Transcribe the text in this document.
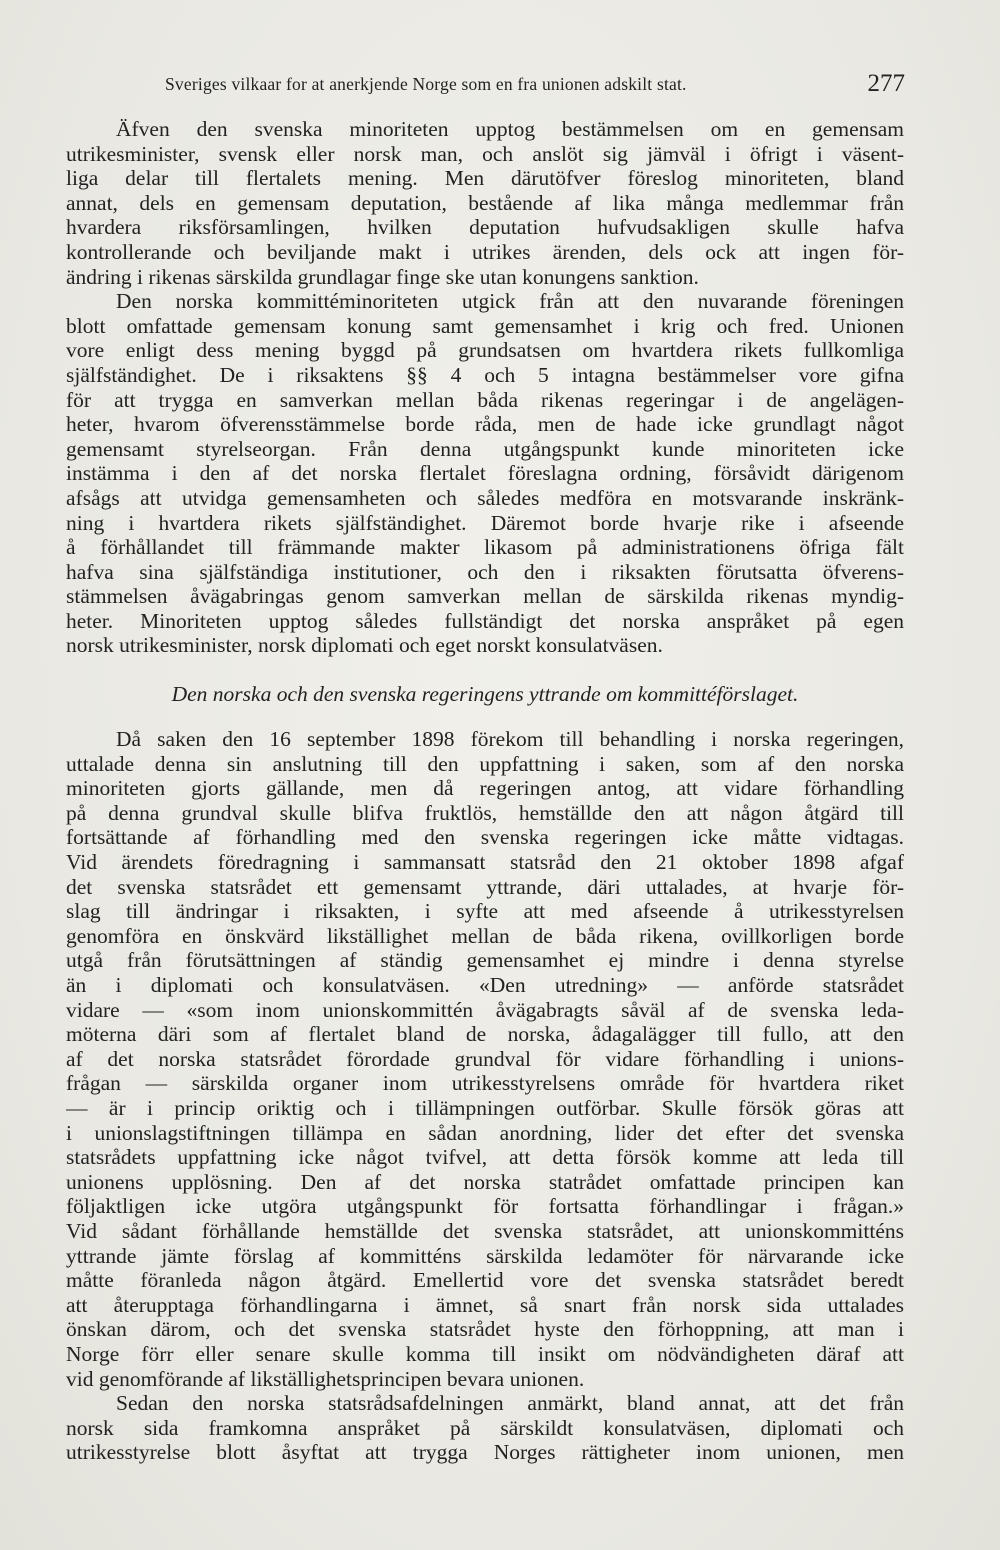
Sveriges vilkaar for at anerkjende Norge som en fra unionen adskilt stat.	277
Äfven den svenska minoriteten upptog bestämmelsen om en gemensam
utrikesminister, svensk eller norsk man, och anslöt sig jämväl i öfrigt i väsent-
liga delar till flertalets mening. Men därutöfver föreslog minoriteten, bland
annat, dels en gemensam deputation, bestående af lika många medlemmar från
hvardera riksförsamlingen, hvilken deputation hufvudsakligen skulle hafva
kontrollerande och beviljande makt i utrikes ärenden, dels ock att ingen för-
ändring i rikenas särskilda grundlagar finge ske utan konungens sanktion.
Den norska kommittéminoriteten utgick från att den nuvarande föreningen
blott omfattade gemensam konung samt gemensamhet i krig och fred. Unionen
vore enligt dess mening byggd på grundsatsen om hvartdera rikets fullkomliga
själfständighet. De i riksaktens §§ 4 och 5 intagna bestämmelser vore gifna
för att trygga en samverkan mellan båda rikenas regeringar i de angelägen-
heter, hvarom öfverensstämmelse borde råda, men de hade icke grundlagt något
gemensamt styrelseorgan. Från denna utgångspunkt kunde minoriteten icke
instämma i den af det norska flertalet föreslagna ordning, försåvidt därigenom
afsågs att utvidga gemensamheten och således medföra en motsvarande inskränk-
ning i hvartdera rikets själfständighet. Däremot borde hvarje rike i afseende
å förhållandet till främmande makter likasom på administrationens öfriga fält
hafva sina själfständiga institutioner, och den i riksakten förutsatta öfverens-
stämmelsen åvägabringas genom samverkan mellan de särskilda rikenas myndig-
heter. Minoriteten upptog således fullständigt det norska anspråket på egen
norsk utrikesminister, norsk diplomati och eget norskt konsulatväsen.
Den norska och den svenska regeringens yttrande om kommittéförslaget.
Då saken den 16 september 1898 förekom till behandling i norska regeringen,
uttalade denna sin anslutning till den uppfattning i saken, som af den norska
minoriteten gjorts gällande, men då regeringen antog, att vidare förhandling
på denna grundval skulle blifva fruktlös, hemställde den att någon åtgärd till
fortsättande af förhandling med den svenska regeringen icke måtte vidtagas.
Vid ärendets föredragning i sammansatt statsråd den 21 oktober 1898 afgaf
det svenska statsrådet ett gemensamt yttrande, däri uttalades, at hvarje för-
slag till ändringar i riksakten, i syfte att med afseende å utrikesstyrelsen
genomföra en önskvärd likställighet mellan de båda rikena, ovillkorligen borde
utgå från förutsättningen af ständig gemensamhet ej mindre i denna styrelse
än i diplomati och konsulatväsen. «Den utredning» — anförde statsrådet
vidare — «som inom unionskommittén åvägabragts såväl af de svenska leda-
möterna däri som af flertalet bland de norska, ådagalägger till fullo, att den
af det norska statsrådet förordade grundval för vidare förhandling i unions-
frågan — särskilda organer inom utrikesstyrelsens område för hvartdera riket
— är i princip oriktig och i tillämpningen outförbar. Skulle försök göras att
i unionslagstiftningen tillämpa en sådan anordning, lider det efter det svenska
statsrådets uppfattning icke något tvifvel, att detta försök komme att leda till
unionens upplösning. Den af det norska statrådet omfattade principen kan
följaktligen icke utgöra utgångspunkt för fortsatta förhandlingar i frågan.»
Vid sådant förhållande hemställde det svenska statsrådet, att unionskommitténs
yttrande jämte förslag af kommitténs särskilda ledamöter för närvarande icke
måtte föranleda någon åtgärd. Emellertid vore det svenska statsrådet beredt
att återupptaga förhandlingarna i ämnet, så snart från norsk sida uttalades
önskan därom, och det svenska statsrådet hyste den förhoppning, att man i
Norge förr eller senare skulle komma till insikt om nödvändigheten däraf att
vid genomförande af likställighetsprincipen bevara unionen.
Sedan den norska statsrådsafdelningen anmärkt, bland annat, att det från
norsk sida framkomna anspråket på särskildt konsulatväsen, diplomati och
utrikesstyrelse blott åsyftat att trygga Norges rättigheter inom unionen, men
